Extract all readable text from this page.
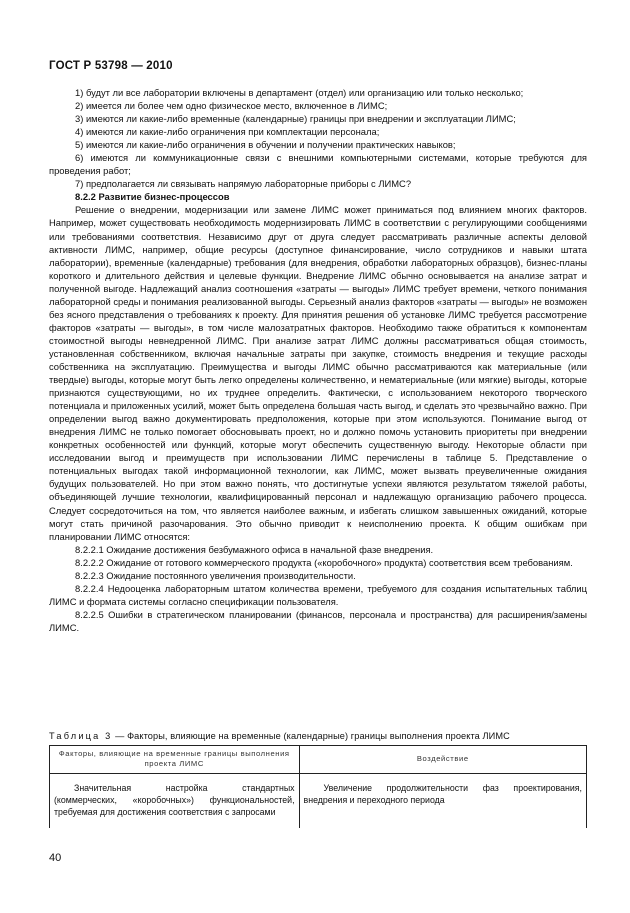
ГОСТ Р 53798 — 2010

1) будут ли все лаборатории включены в департамент (отдел) или организацию или только несколько;

2) имеется ли более чем одно физическое место, включенное в ЛИМС;

3) имеются ли какие-либо временные (календарные) границы при внедрении и эксплуатации ЛИМС;

4) имеются ли какие-либо ограничения при комплектации персонала;

5) имеются ли какие-либо ограничения в обучении и получении практических навыков;

6) имеются ли коммуникационные связи с внешними компьютерными системами, которые требуются для проведения работ;

7) предполагается ли связывать напрямую лабораторные приборы с ЛИМС?

8.2.2 Развитие бизнес-процессов

Решение о внедрении, модернизации или замене ЛИМС может приниматься под влиянием многих факторов. Например, может существовать необходимость модернизировать ЛИМС в соответствии с регулирующими сообщениями или требованиями соответствия. Независимо друг от друга следует рассматривать различные аспекты деловой активности ЛИМС, например, общие ресурсы (доступное финансирование, число сотрудников и навыки штата лаборатории), временные (календарные) требования (для внедрения, обработки лабораторных образцов), бизнес-планы короткого и длительного действия и целевые функции. Внедрение ЛИМС обычно основывается на анализе затрат и полученной выгоде. Надлежащий анализ соотношения «затраты — выгоды» ЛИМС требует времени, четкого понимания лабораторной среды и понимания реализованной выгоды. Серьезный анализ факторов «затраты — выгоды» не возможен без ясного представления о требованиях к проекту. Для принятия решения об установке ЛИМС требуется рассмотрение факторов «затраты — выгоды», в том числе малозатратных факторов. Необходимо также обратиться к компонентам стоимостной выгоды невнедренной ЛИМС. При анализе затрат ЛИМС должны рассматриваться общая стоимость, установленная собственником, включая начальные затраты при закупке, стоимость внедрения и текущие расходы собственника на эксплуатацию. Преимущества и выгоды ЛИМС обычно рассматриваются как материальные (или твердые) выгоды, которые могут быть легко определены количественно, и нематериальные (или мягкие) выгоды, которые признаются существующими, но их труднее определить. Фактически, с использованием некоторого творческого потенциала и приложенных усилий, может быть определена большая часть выгод, и сделать это чрезвычайно важно. При определении выгод важно документировать предположения, которые при этом используются. Понимание выгод от внедрения ЛИМС не только помогает обосновывать проект, но и должно помочь установить приоритеты при внедрении конкретных особенностей или функций, которые могут обеспечить существенную выгоду. Некоторые области при исследовании выгод и преимуществ при использовании ЛИМС перечислены в таблице 5. Представление о потенциальных выгодах такой информационной технологии, как ЛИМС, может вызвать преувеличенные ожидания будущих пользователей. Но при этом важно понять, что достигнутые успехи являются результатом тяжелой работы, объединяющей лучшие технологии, квалифицированный персонал и надлежащую организацию рабочего процесса. Следует сосредоточиться на том, что является наиболее важным, и избегать слишком завышенных ожиданий, которые могут стать причиной разочарования. Это обычно приводит к неисполнению проекта. К общим ошибкам при планировании ЛИМС относятся:

8.2.2.1 Ожидание достижения безбумажного офиса в начальной фазе внедрения.

8.2.2.2 Ожидание от готового коммерческого продукта («коробочного» продукта) соответствия всем требованиям.

8.2.2.3 Ожидание постоянного увеличения производительности.

8.2.2.4 Недооценка лабораторным штатом количества времени, требуемого для создания испытательных таблиц ЛИМС и формата системы согласно спецификации пользователя.

8.2.2.5 Ошибки в стратегическом планировании (финансов, персонала и пространства) для расширения/замены ЛИМС.

Таблица 3 — Факторы, влияющие на временные (календарные) границы выполнения проекта ЛИМС
Факторы, влияющие на временные границы выполнения проекта ЛИМС	Воздействие

Значительная настройка стандартных (коммерческих, «коробочных») функциональностей, требуемая для достижения соответствия с запросами	Увеличение продолжительности фаз проектирования, внедрения и переходного периода

40
